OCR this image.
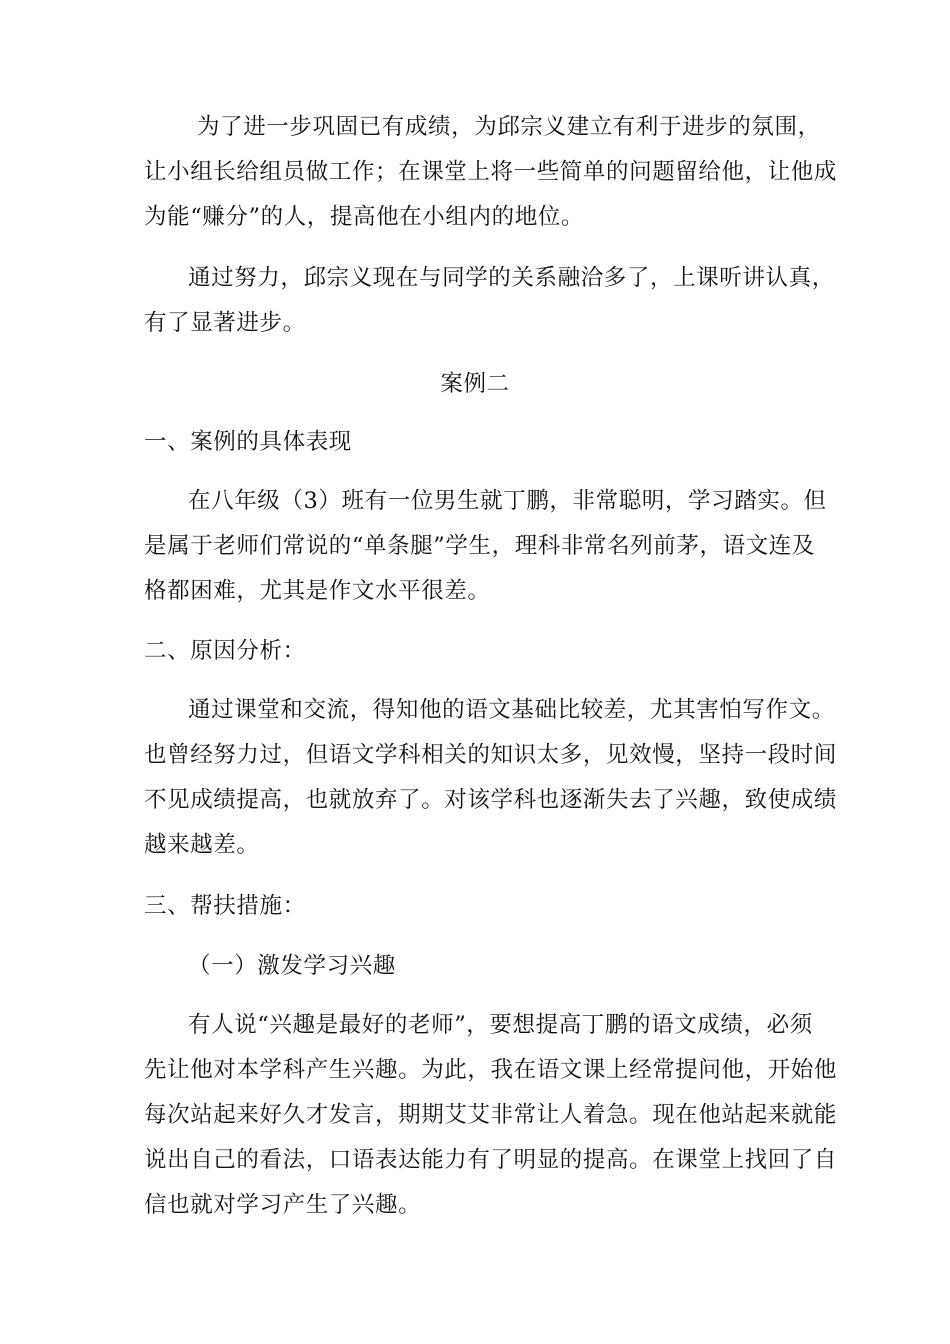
为了进一步巩固已有成绩，为邱宗义建立有利于进步的氛围，
让小组长给组员做工作；在课堂上将一些简单的问题留给他，让他成
为能“赚分”的人，提高他在小组内的地位。
通过努力，邱宗义现在与同学的关系融洽多了，上课听讲认真，
有了显著进步。
案例二
一、案例的具体表现
在八年级（3）班有一位男生就丁鹏，非常聪明，学习踏实。但
是属于老师们常说的“单条腿”学生，理科非常名列前茅，语文连及
格都困难，尤其是作文水平很差。
二、原因分析：
通过课堂和交流，得知他的语文基础比较差，尤其害怕写作文。
也曾经努力过，但语文学科相关的知识太多，见效慢，坚持一段时间
不见成绩提高，也就放弃了。对该学科也逐渐失去了兴趣，致使成绩
越来越差。
三、帮扶措施：
（一）激发学习兴趣
有人说“兴趣是最好的老师”，要想提高丁鹏的语文成绩，必须
先让他对本学科产生兴趣。为此，我在语文课上经常提问他，开始他
每次站起来好久才发言，期期艾艾非常让人着急。现在他站起来就能
说出自己的看法，口语表达能力有了明显的提高。在课堂上找回了自
信也就对学习产生了兴趣。
